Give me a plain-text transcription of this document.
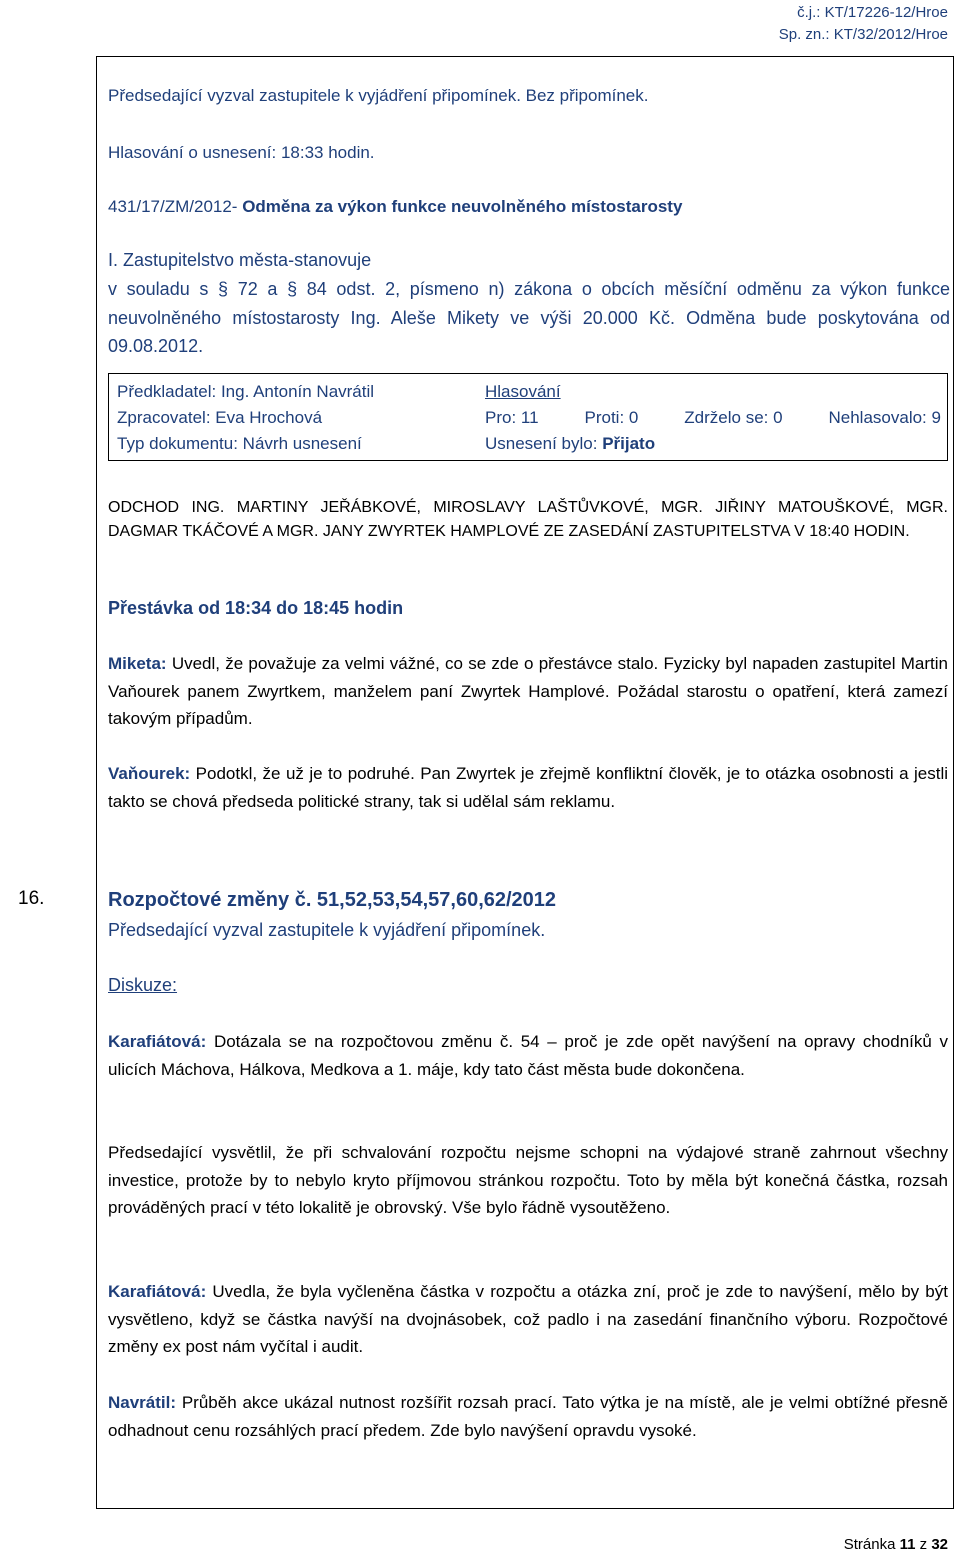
č.j.: KT/17226-12/Hroe
Sp. zn.: KT/32/2012/Hroe
Předsedající vyzval zastupitele k vyjádření připomínek. Bez připomínek.
Hlasování o usnesení: 18:33 hodin.
431/17/ZM/2012- Odměna za výkon funkce neuvolněného místostarosty
I. Zastupitelstvo města-stanovuje
v souladu s § 72 a § 84 odst. 2, písmeno n) zákona o obcích měsíční odměnu za výkon funkce neuvolněného místostarosty Ing. Aleše Mikety ve výši 20.000 Kč. Odměna bude poskytována od 09.08.2012.
Předkladatel: Ing. Antonín Navrátil
Zpracovatel: Eva Hrochová
Typ dokumentu: Návrh usnesení
Hlasování
Pro: 11	Proti: 0	Zdrželo se: 0	Nehlasovalo: 9
Usnesení bylo: Přijato
ODCHOD ING. MARTINY JEŘÁBKOVÉ, MIROSLAVY LAŠTŮVKOVÉ, MGR. JIŘINY MATOUŠKOVÉ, MGR. DAGMAR TKÁČOVÉ A MGR. JANY ZWYRTEK HAMPLOVÉ ZE ZASEDÁNÍ ZASTUPITELSTVA V 18:40 HODIN.
Přestávka od 18:34 do 18:45 hodin
Miketa: Uvedl, že považuje za velmi vážné, co se zde o přestávce stalo. Fyzicky byl napaden zastupitel Martin Vaňourek panem Zwyrtkem, manželem paní Zwyrtek Hamplové. Požádal starostu o opatření, která zamezí takovým případům.
Vaňourek: Podotkl, že už je to podruhé. Pan Zwyrtek je zřejmě konfliktní člověk, je to otázka osobnosti a jestli takto se chová předseda politické strany, tak si udělal sám reklamu.
16.	Rozpočtové změny č. 51,52,53,54,57,60,62/2012
Předsedající vyzval zastupitele k vyjádření připomínek.
Diskuze:
Karafiátová: Dotázala se na rozpočtovou změnu č. 54 – proč je zde opět navýšení na opravy chodníků v ulicích Máchova, Hálkova, Medkova a 1. máje, kdy tato část města bude dokončena.
Předsedající vysvětlil, že při schvalování rozpočtu nejsme schopni na výdajové straně zahrnout všechny investice, protože by to nebylo kryto příjmovou stránkou rozpočtu. Toto by měla být konečná částka, rozsah prováděných prací v této lokalitě je obrovský. Vše bylo řádně vysoutěženo.
Karafiátová: Uvedla, že byla vyčleněna částka v rozpočtu a otázka zní, proč je zde to navýšení, mělo by být vysvětleno, když se částka navýší na dvojnásobek, což padlo i na zasedání finančního výboru. Rozpočtové změny ex post nám vyčítal i audit.
Navrátil: Průběh akce ukázal nutnost rozšířit rozsah prací. Tato výtka je na místě, ale je velmi obtížné přesně odhadnout cenu rozsáhlých prací předem. Zde bylo navýšení opravdu vysoké.
Stránka 11 z 32
